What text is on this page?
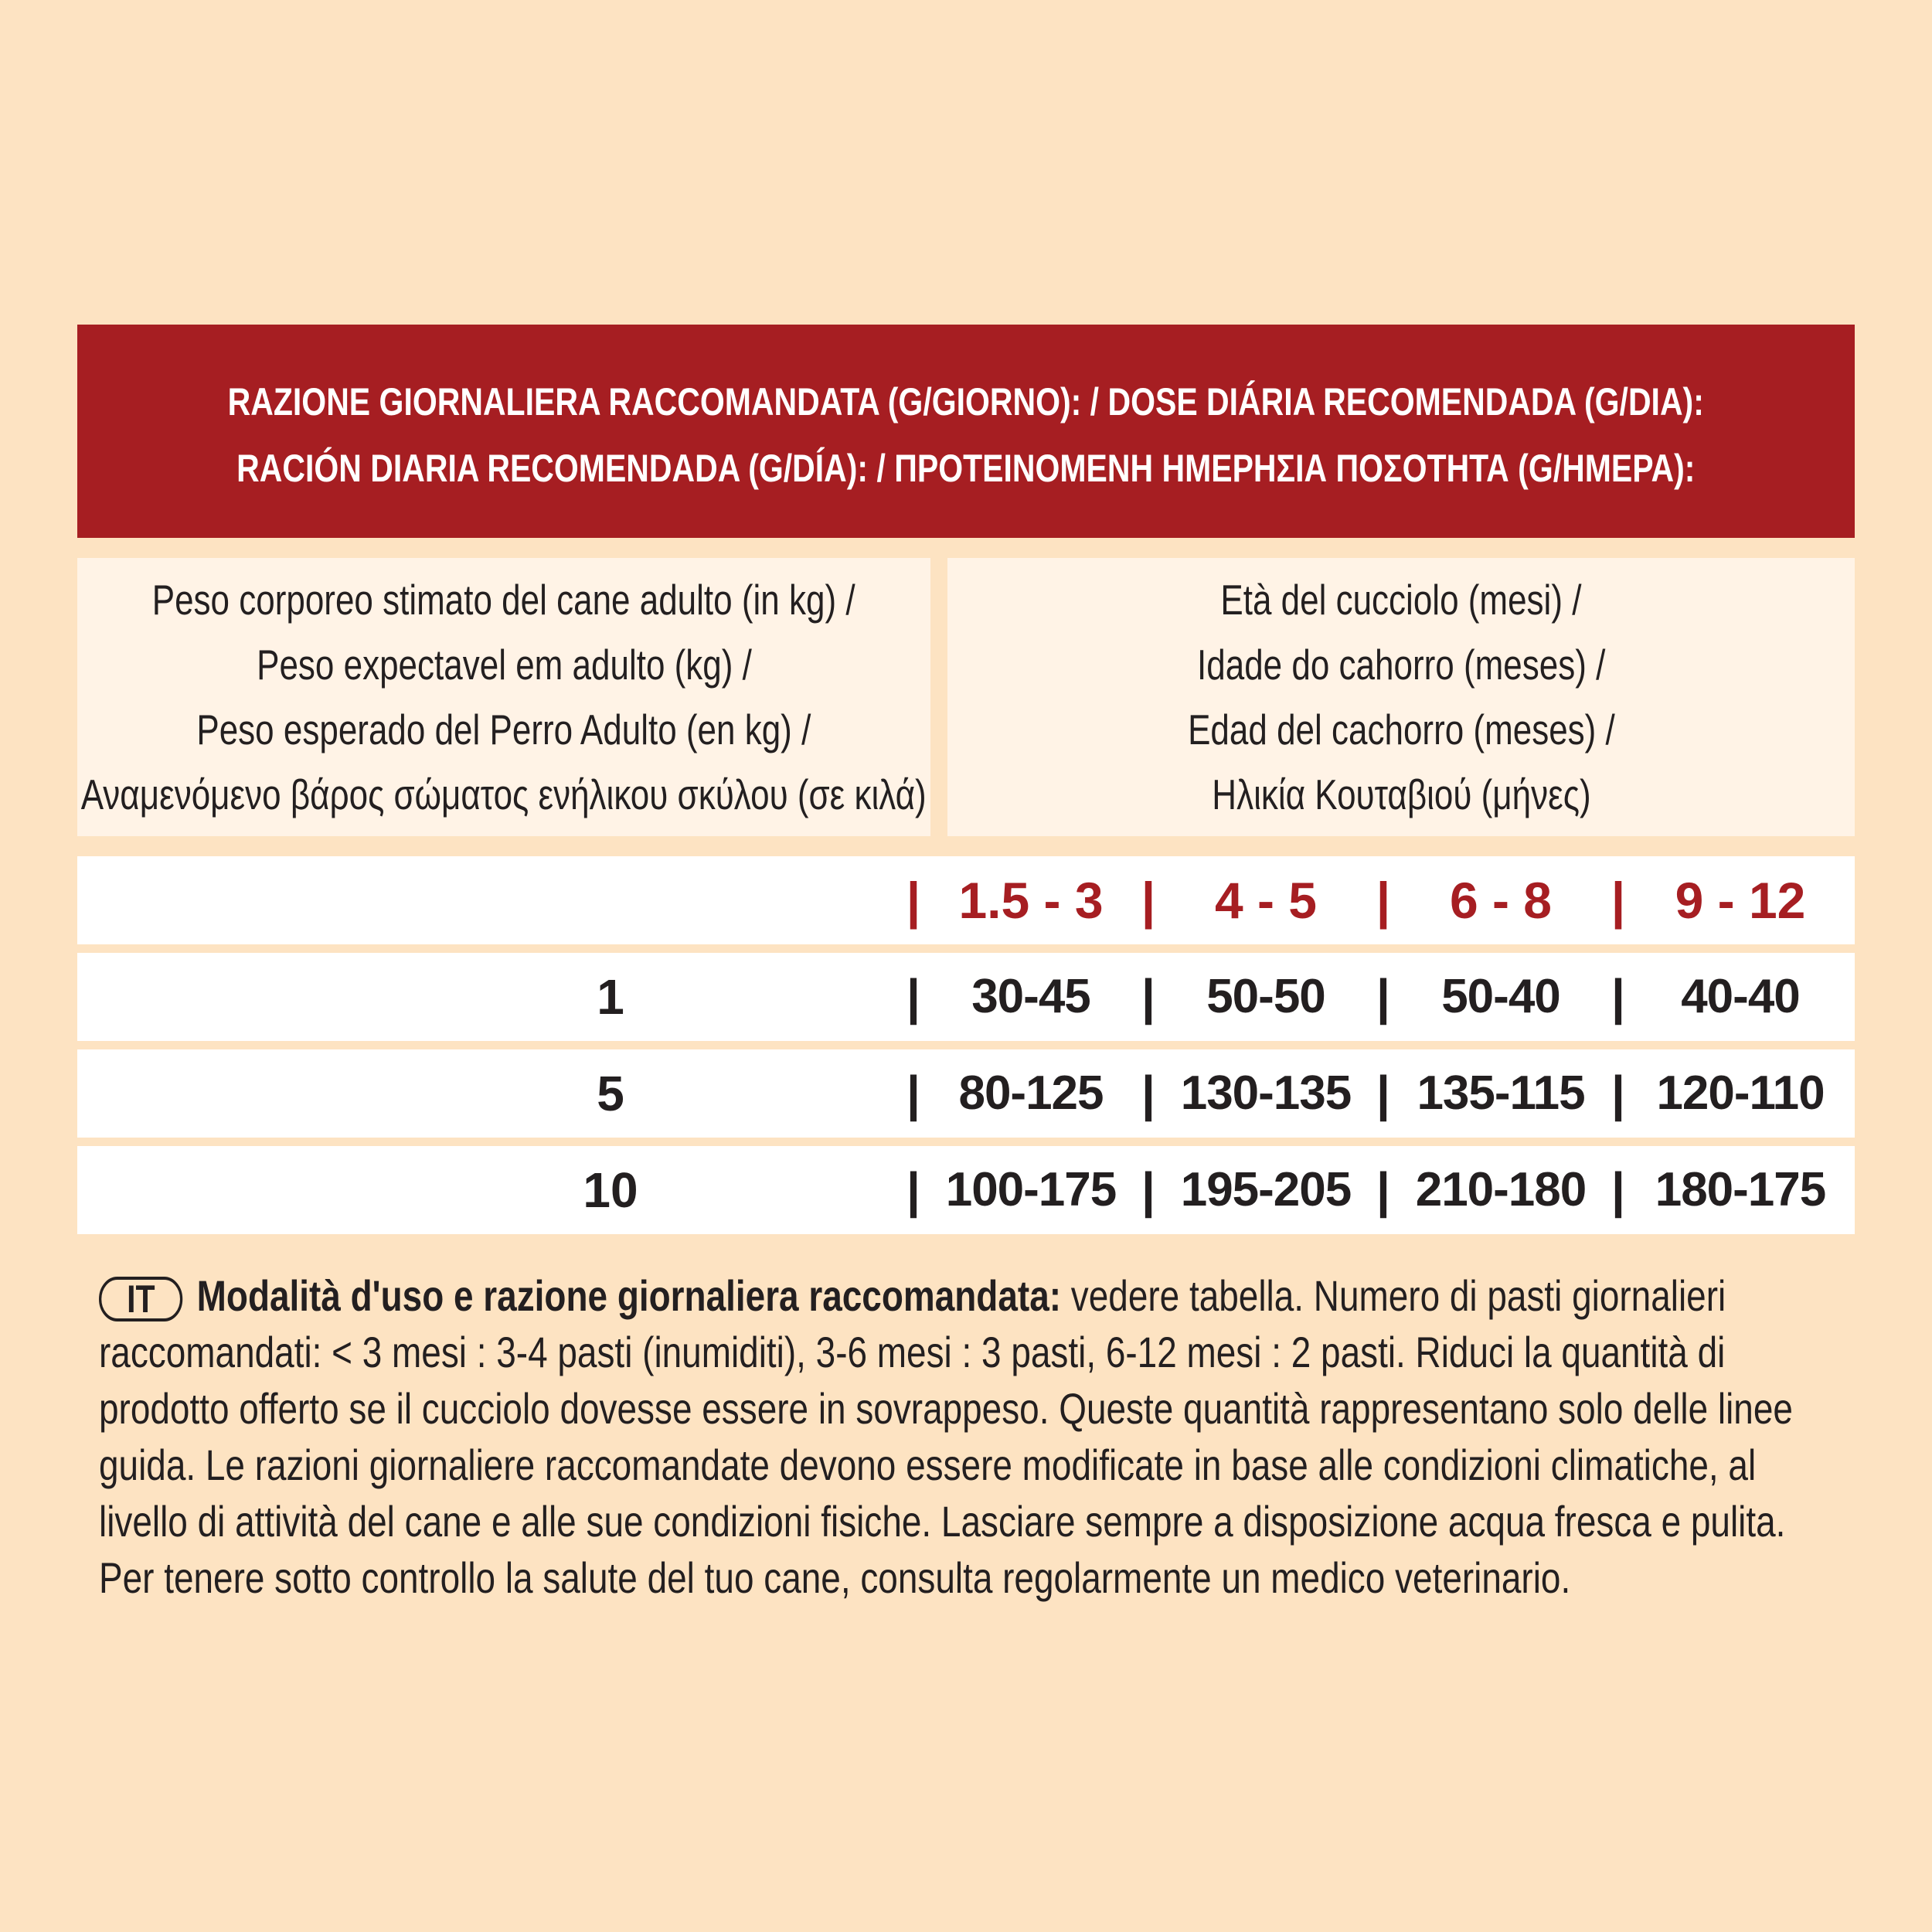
RAZIONE GIORNALIERA RACCOMANDATA (G/GIORNO): / DOSE DIÁRIA RECOMENDADA (G/DIA):
RACIÓN DIARIA RECOMENDADA (G/DÍA): / ΠΡΟΤΕΙΝΟΜΕΝΗ ΗΜΕΡΗΣΙΑ ΠΟΣΟΤΗΤΑ (G/ΗΜΕΡΑ):
Peso corporeo stimato del cane adulto (in kg) /
Peso expectavel em adulto (kg) /
Peso esperado del Perro Adulto (en kg) /
Αναμενόμενο βάρος σώματος ενήλικου σκύλου (σε κιλά)
Età del cucciolo (mesi) /
Idade do cahorro (meses) /
Edad del cachorro (meses) /
Ηλικία Κουταβιού (μήνες)
| 1.5 - 3 |	4 - 5	|	6 - 8	| 9 - 12
1	|	30-45	|	50-50	|	50-40	|	40-40
5	| 80-125 | 130-135 | 135-115 | 120-110
10	| 100-175 | 195-205 | 210-180 | 180-175
IT Modalità d'uso e razione giornaliera raccomandata: vedere tabella. Numero di pasti giornalieri
raccomandati: < 3 mesi : 3-4 pasti (inumiditi), 3-6 mesi : 3 pasti, 6-12 mesi : 2 pasti. Riduci la quantità di
prodotto offerto se il cucciolo dovesse essere in sovrappeso. Queste quantità rappresentano solo delle linee
guida. Le razioni giornaliere raccomandate devono essere modificate in base alle condizioni climatiche, al
livello di attività del cane e alle sue condizioni fisiche. Lasciare sempre a disposizione acqua fresca e pulita.
Per tenere sotto controllo la salute del tuo cane, consulta regolarmente un medico veterinario.
